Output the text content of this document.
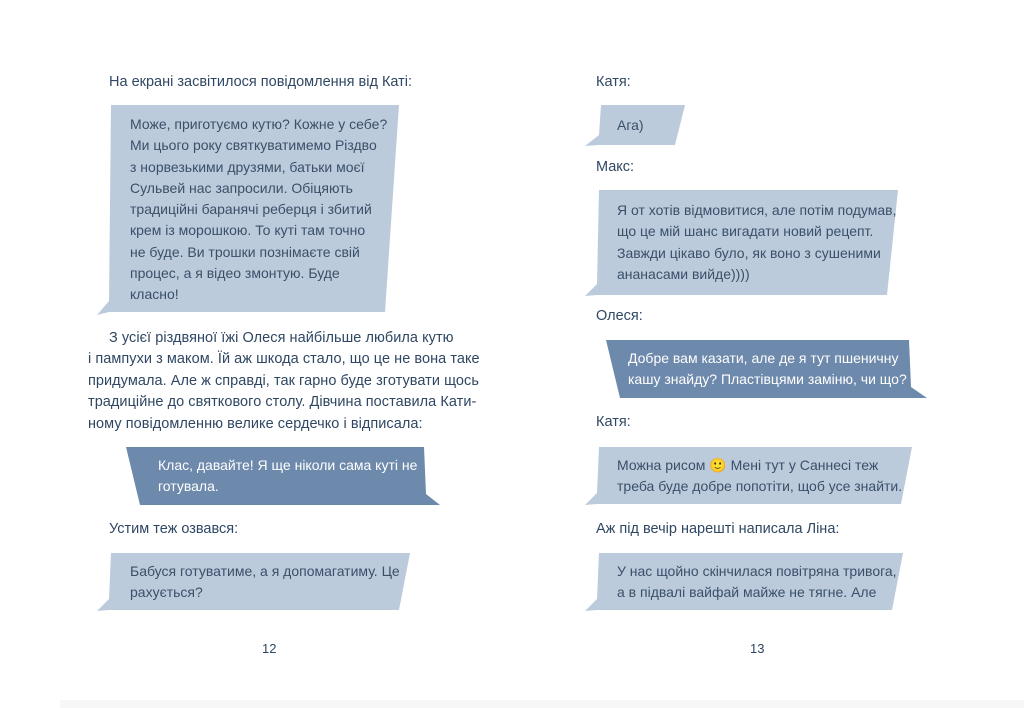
На екрані засвітилося повідомлення від Каті:
Може, приготуємо кутю? Кожне у себе?
Ми цього року святкуватимемо Різдво
з норвезькими друзями, батьки моєї
Сульвей нас запросили. Обіцяють
традиційні баранячі реберця і збитий
крем із морошкою. То куті там точно
не буде. Ви трошки познімаєте свій
процес, а я відео змонтую. Буде
класно!
З усієї різдвяної їжі Олеся найбільше любила кутю
і пампухи з маком. Їй аж шкода стало, що це не вона таке
придумала. Але ж справді, так гарно буде зготувати щось
традиційне до святкового столу. Дівчина поставила Кати-
ному повідомленню велике сердечко і відписала:
Клас, давайте! Я ще ніколи сама куті не
готувала.
Устим теж озвався:
Бабуся готуватиме, а я допомагатиму. Це
рахується?
12
Катя:
Ага)
Макс:
Я от хотів відмовитися, але потім подумав,
що це мій шанс вигадати новий рецепт.
Завжди цікаво було, як воно з сушеними
ананасами вийде))))
Олеся:
Добре вам казати, але де я тут пшеничну
кашу знайду? Пластівцями заміню, чи що?
Катя:
Можна рисом 🙂 Мені тут у Саннесі теж
треба буде добре попотіти, щоб усе знайти.
Аж під вечір нарешті написала Ліна:
У нас щойно скінчилася повітряна тривога,
а в підвалі вайфай майже не тягне. Але
13
